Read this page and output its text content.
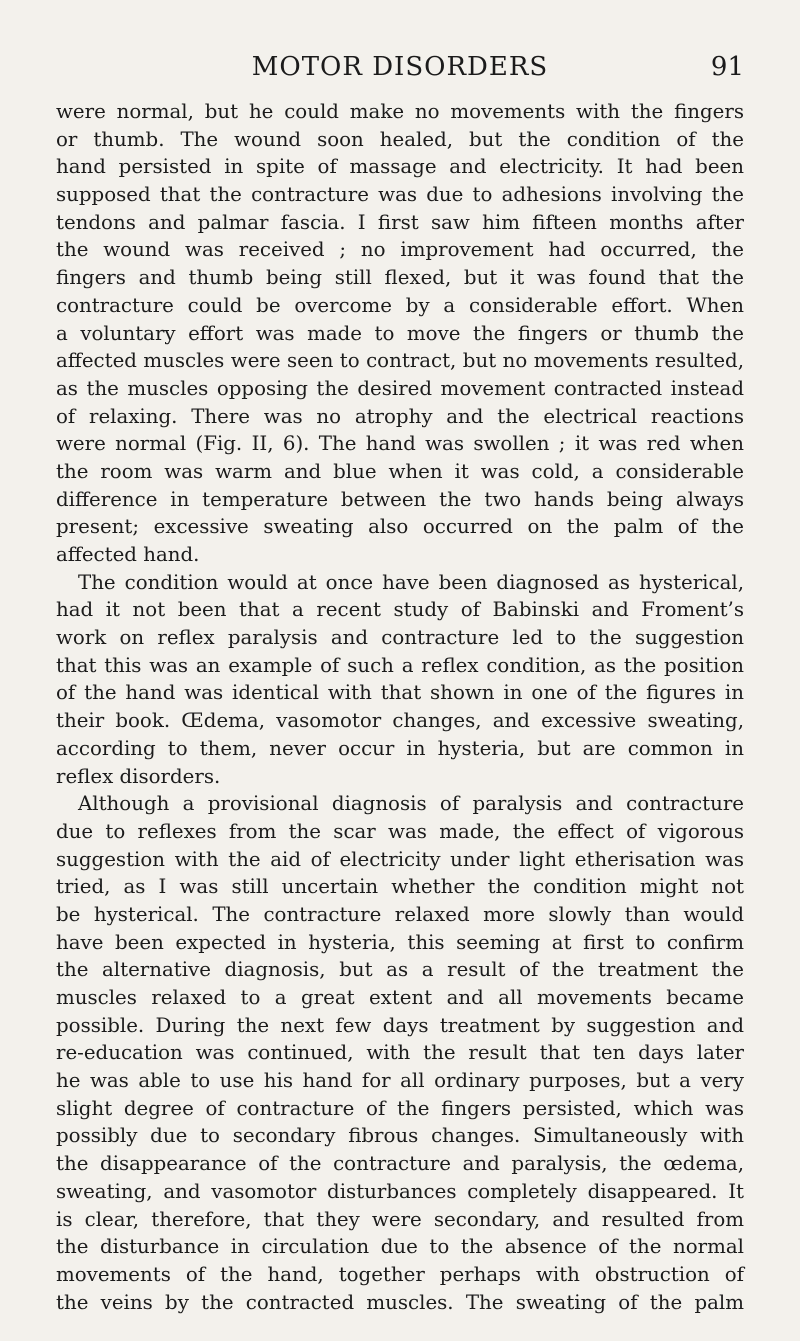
MOTOR DISORDERS	91
were normal, but he could make no movements with the fingers
or thumb. The wound soon healed, but the condition of the
hand persisted in spite of massage and electricity. It had been
supposed that the contracture was due to adhesions involving the
tendons and palmar fascia. I first saw him fifteen months after
the wound was received ; no improvement had occurred, the
fingers and thumb being still flexed, but it was found that the
contracture could be overcome by a considerable effort. When
a voluntary effort was made to move the fingers or thumb the
affected muscles were seen to contract, but no movements resulted,
as the muscles opposing the desired movement contracted instead
of relaxing. There was no atrophy and the electrical reactions
were normal (Fig. II, 6). The hand was swollen ; it was red when
the room was warm and blue when it was cold, a considerable
difference in temperature between the two hands being always
present; excessive sweating also occurred on the palm of the
affected hand.
The condition would at once have been diagnosed as hysterical,
had it not been that a recent study of Babinski and Froment’s
work on reflex paralysis and contracture led to the suggestion
that this was an example of such a reflex condition, as the position
of the hand was identical with that shown in one of the figures in
their book. Œdema, vasomotor changes, and excessive sweating,
according to them, never occur in hysteria, but are common in
reflex disorders.
Although a provisional diagnosis of paralysis and contracture
due to reflexes from the scar was made, the effect of vigorous
suggestion with the aid of electricity under light etherisation was
tried, as I was still uncertain whether the condition might not
be hysterical. The contracture relaxed more slowly than would
have been expected in hysteria, this seeming at first to confirm
the alternative diagnosis, but as a result of the treatment the
muscles relaxed to a great extent and all movements became
possible. During the next few days treatment by suggestion and
re-education was continued, with the result that ten days later
he was able to use his hand for all ordinary purposes, but a very
slight degree of contracture of the fingers persisted, which was
possibly due to secondary fibrous changes. Simultaneously with
the disappearance of the contracture and paralysis, the œdema,
sweating, and vasomotor disturbances completely disappeared. It
is clear, therefore, that they were secondary, and resulted from
the disturbance in circulation due to the absence of the normal
movements of the hand, together perhaps with obstruction of
the veins by the contracted muscles. The sweating of the palm
